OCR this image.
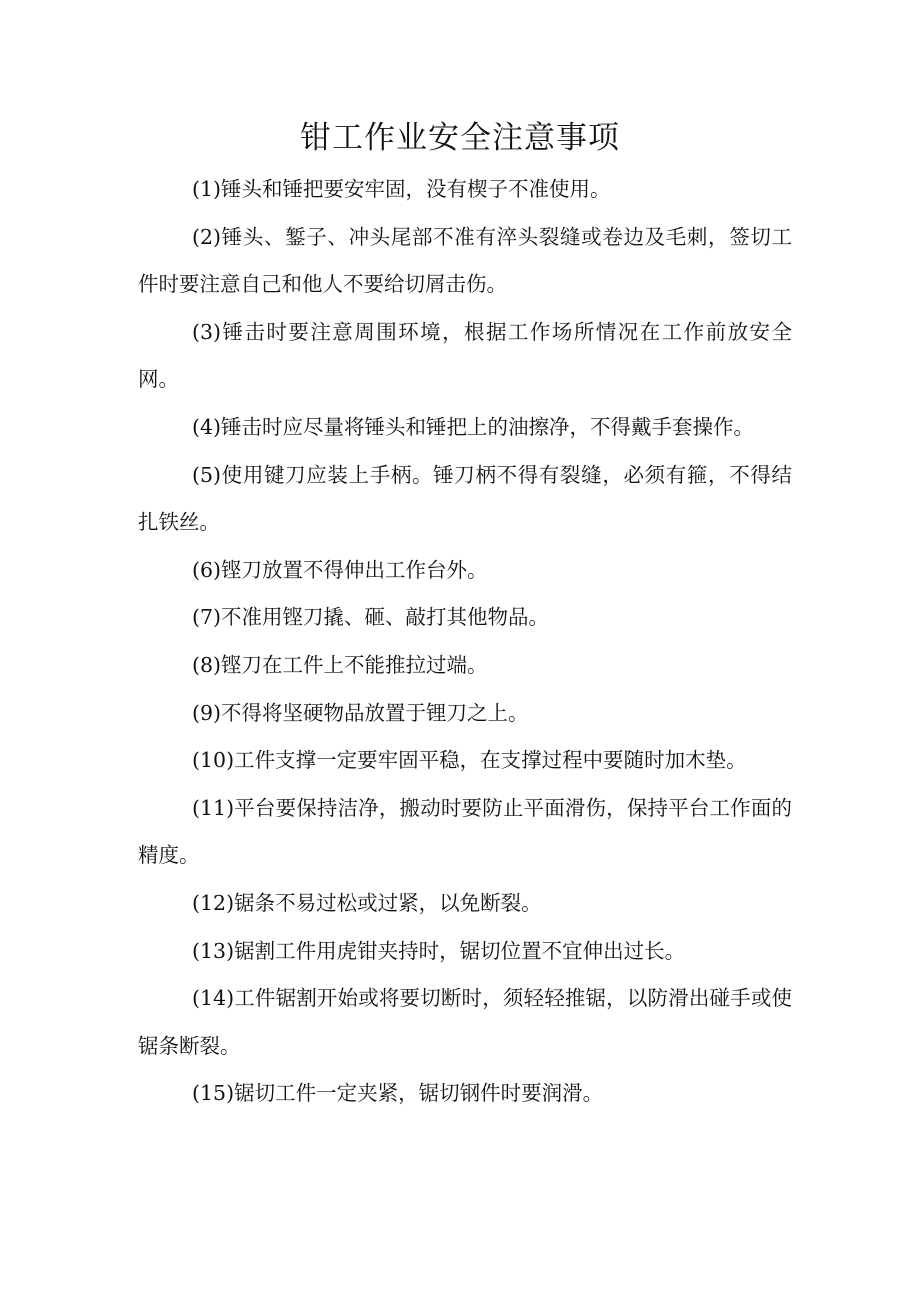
钳工作业安全注意事项

(1)锤头和锤把要安牢固，没有楔子不准使用。

(2)锤头、錾子、冲头尾部不准有淬头裂缝或卷边及毛刺，签切工件时要注意自己和他人不要给切屑击伤。

(3)锤击时要注意周围环境，根据工作场所情况在工作前放安全网。

(4)锤击时应尽量将锤头和锤把上的油擦净，不得戴手套操作。

(5)使用键刀应装上手柄。锤刀柄不得有裂缝，必须有箍，不得结扎铁丝。

(6)铿刀放置不得伸出工作台外。

(7)不准用铿刀撬、砸、敲打其他物品。

(8)铿刀在工件上不能推拉过端。

(9)不得将坚硬物品放置于锂刀之上。

(10)工件支撑一定要牢固平稳，在支撑过程中要随时加木垫。

(11)平台要保持洁净，搬动时要防止平面滑伤，保持平台工作面的精度。

(12)锯条不易过松或过紧，以免断裂。

(13)锯割工件用虎钳夹持时，锯切位置不宜伸出过长。

(14)工件锯割开始或将要切断时，须轻轻推锯，以防滑出碰手或使锯条断裂。

(15)锯切工件一定夹紧，锯切钢件时要润滑。
